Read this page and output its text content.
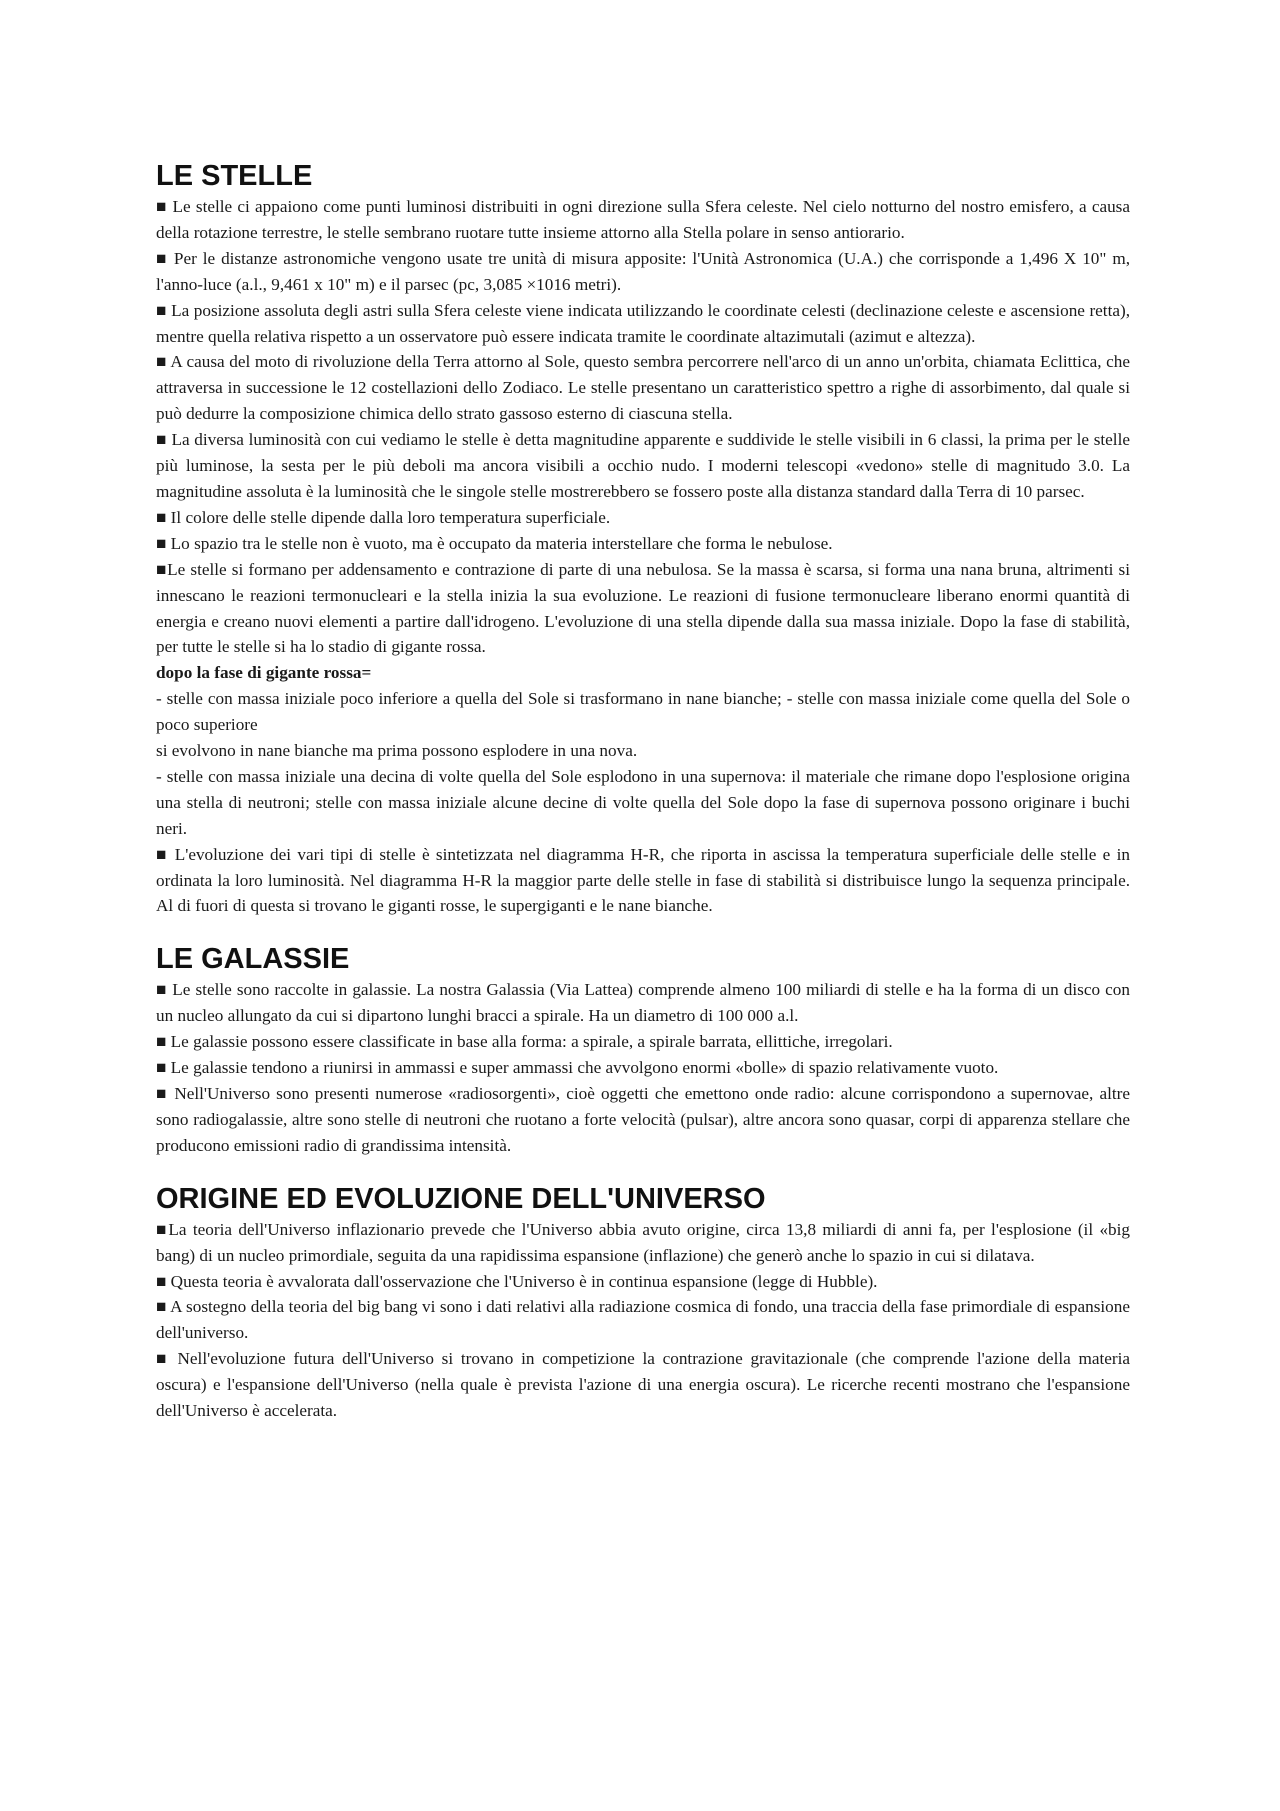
LE STELLE

■ Le stelle ci appaiono come punti luminosi distribuiti in ogni direzione sulla Sfera celeste. Nel cielo notturno del nostro emisfero, a causa della rotazione terrestre, le stelle sembrano ruotare tutte insieme attorno alla Stella polare in senso antiorario.

■ Per le distanze astronomiche vengono usate tre unità di misura apposite: l'Unità Astronomica (U.A.) che corrisponde a 1,496 X 10" m, l'anno-luce (a.l., 9,461 x 10" m) e il parsec (pc, 3,085 ×1016 metri).

■ La posizione assoluta degli astri sulla Sfera celeste viene indicata utilizzando le coordinate celesti (declinazione celeste e ascensione retta), mentre quella relativa rispetto a un osservatore può essere indicata tramite le coordinate altazimutali (azimut e altezza).

■ A causa del moto di rivoluzione della Terra attorno al Sole, questo sembra percorrere nell'arco di un anno un'orbita, chiamata Eclittica, che attraversa in successione le 12 costellazioni dello Zodiaco. Le stelle presentano un caratteristico spettro a righe di assorbimento, dal quale si può dedurre la composizione chimica dello strato gassoso esterno di ciascuna stella.

■ La diversa luminosità con cui vediamo le stelle è detta magnitudine apparente e suddivide le stelle visibili in 6 classi, la prima per le stelle più luminose, la sesta per le più deboli ma ancora visibili a occhio nudo. I moderni telescopi «vedono» stelle di magnitudo 3.0. La magnitudine assoluta è la luminosità che le singole stelle mostrerebbero se fossero poste alla distanza standard dalla Terra di 10 parsec.

■ Il colore delle stelle dipende dalla loro temperatura superficiale.

■ Lo spazio tra le stelle non è vuoto, ma è occupato da materia interstellare che forma le nebulose.

■Le stelle si formano per addensamento e contrazione di parte di una nebulosa. Se la massa è scarsa, si forma una nana bruna, altrimenti si innescano le reazioni termonucleari e la stella inizia la sua evoluzione. Le reazioni di fusione termonucleare liberano enormi quantità di energia e creano nuovi elementi a partire dall'idrogeno. L'evoluzione di una stella dipende dalla sua massa iniziale. Dopo la fase di stabilità, per tutte le stelle si ha lo stadio di gigante rossa.

dopo la fase di gigante rossa=

- stelle con massa iniziale poco inferiore a quella del Sole si trasformano in nane bianche; - stelle con massa iniziale come quella del Sole o poco superiore

si evolvono in nane bianche ma prima possono esplodere in una nova.

- stelle con massa iniziale una decina di volte quella del Sole esplodono in una supernova: il materiale che rimane dopo l'esplosione origina una stella di neutroni; stelle con massa iniziale alcune decine di volte quella del Sole dopo la fase di supernova possono originare i buchi neri.

■ L'evoluzione dei vari tipi di stelle è sintetizzata nel diagramma H-R, che riporta in ascissa la temperatura superficiale delle stelle e in ordinata la loro luminosità. Nel diagramma H-R la maggior parte delle stelle in fase di stabilità si distribuisce lungo la sequenza principale. Al di fuori di questa si trovano le giganti rosse, le supergiganti e le nane bianche.

LE GALASSIE

■ Le stelle sono raccolte in galassie. La nostra Galassia (Via Lattea) comprende almeno 100 miliardi di stelle e ha la forma di un disco con un nucleo allungato da cui si dipartono lunghi bracci a spirale. Ha un diametro di 100 000 a.l.

■ Le galassie possono essere classificate in base alla forma: a spirale, a spirale barrata, ellittiche, irregolari.

■ Le galassie tendono a riunirsi in ammassi e super ammassi che avvolgono enormi «bolle» di spazio relativamente vuoto.

■ Nell'Universo sono presenti numerose «radiosorgenti», cioè oggetti che emettono onde radio: alcune corrispondono a supernovae, altre sono radiogalassie, altre sono stelle di neutroni che ruotano a forte velocità (pulsar), altre ancora sono quasar, corpi di apparenza stellare che producono emissioni radio di grandissima intensità.

ORIGINE ED EVOLUZIONE DELL'UNIVERSO

■La teoria dell'Universo inflazionario prevede che l'Universo abbia avuto origine, circa 13,8 miliardi di anni fa, per l'esplosione (il «big bang) di un nucleo primordiale, seguita da una rapidissima espansione (inflazione) che generò anche lo spazio in cui si dilatava.

■ Questa teoria è avvalorata dall'osservazione che l'Universo è in continua espansione (legge di Hubble).

■ A sostegno della teoria del big bang vi sono i dati relativi alla radiazione cosmica di fondo, una traccia della fase primordiale di espansione dell'universo.

■ Nell'evoluzione futura dell'Universo si trovano in competizione la contrazione gravitazionale (che comprende l'azione della materia oscura) e l'espansione dell'Universo (nella quale è prevista l'azione di una energia oscura). Le ricerche recenti mostrano che l'espansione dell'Universo è accelerata.
